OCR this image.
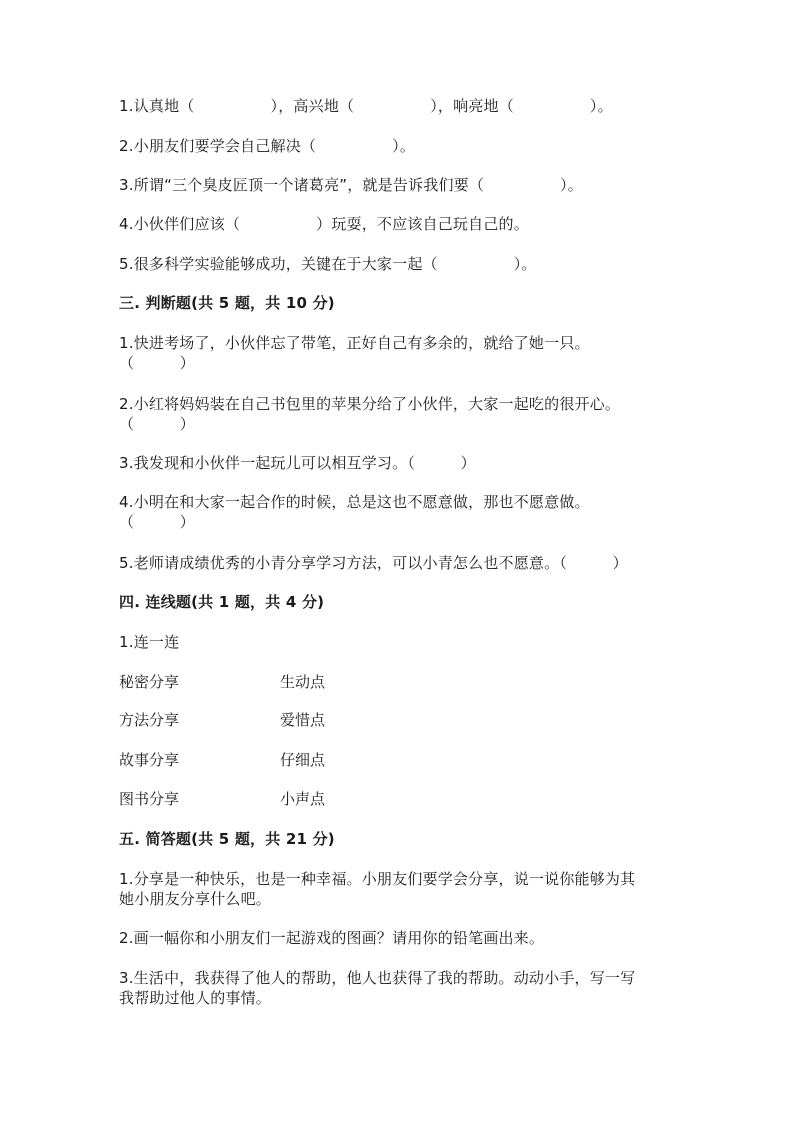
1.认真地（　　　　　），高兴地（　　　　　），响亮地（　　　　　）。
2.小朋友们要学会自己解决（　　　　　）。
3.所谓“三个臭皮匠顶一个诸葛亮”，就是告诉我们要（　　　　　）。
4.小伙伴们应该（　　　　　）玩耍，不应该自己玩自己的。
5.很多科学实验能够成功，关键在于大家一起（　　　　　）。
三. 判断题(共 5 题，共 10 分)
1.快进考场了，小伙伴忘了带笔，正好自己有多余的，就给了她一只。
（　　　）
2.小红将妈妈装在自己书包里的苹果分给了小伙伴，大家一起吃的很开心。
（　　　）
3.我发现和小伙伴一起玩儿可以相互学习。（　　　）
4.小明在和大家一起合作的时候，总是这也不愿意做，那也不愿意做。
（　　　）
5.老师请成绩优秀的小青分享学习方法，可以小青怎么也不愿意。（　　　）
四. 连线题(共 1 题，共 4 分)
1.连一连
秘密分享	生动点
方法分享	爱惜点
故事分享	仔细点
图书分享	小声点
五. 简答题(共 5 题，共 21 分)
1.分享是一种快乐，也是一种幸福。小朋友们要学会分享，说一说你能够为其
她小朋友分享什么吧。
2.画一幅你和小朋友们一起游戏的图画？请用你的铅笔画出来。
3.生活中，我获得了他人的帮助，他人也获得了我的帮助。动动小手，写一写
我帮助过他人的事情。
